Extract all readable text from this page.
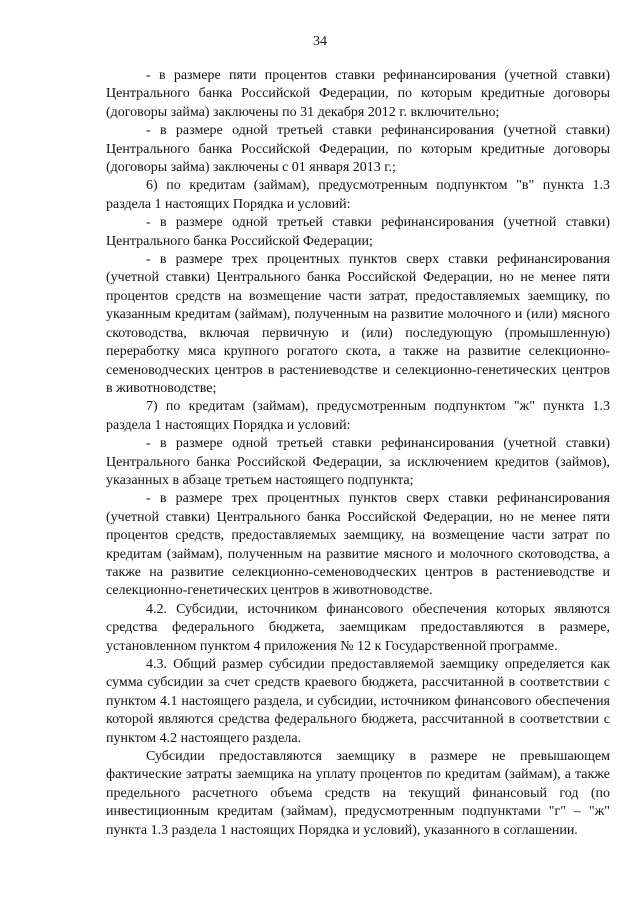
34

- в размере пяти процентов ставки рефинансирования (учетной ставки) Центрального банка Российской Федерации, по которым кредитные договоры (договоры займа) заключены по 31 декабря 2012 г. включительно;

- в размере одной третьей ставки рефинансирования (учетной ставки) Центрального банка Российской Федерации, по которым кредитные договоры (договоры займа) заключены с 01 января 2013 г.;

6) по кредитам (займам), предусмотренным подпунктом "в" пункта 1.3 раздела 1 настоящих Порядка и условий:

- в размере одной третьей ставки рефинансирования (учетной ставки) Центрального банка Российской Федерации;

- в размере трех процентных пунктов сверх ставки рефинансирования (учетной ставки) Центрального банка Российской Федерации, но не менее пяти процентов средств на возмещение части затрат, предоставляемых заемщику, по указанным кредитам (займам), полученным на развитие молочного и (или) мясного скотоводства, включая первичную и (или) последующую (промышленную) переработку мяса крупного рогатого скота, а также на развитие селекционно-семеноводческих центров в растениеводстве и селекционно-генетических центров в животноводстве;

7) по кредитам (займам), предусмотренным подпунктом "ж" пункта 1.3 раздела 1 настоящих Порядка и условий:

- в размере одной третьей ставки рефинансирования (учетной ставки) Центрального банка Российской Федерации, за исключением кредитов (займов), указанных в абзаце третьем настоящего подпункта;

- в размере трех процентных пунктов сверх ставки рефинансирования (учетной ставки) Центрального банка Российской Федерации, но не менее пяти процентов средств, предоставляемых заемщику, на возмещение части затрат по кредитам (займам), полученным на развитие мясного и молочного скотоводства, а также на развитие селекционно-семеноводческих центров в растениеводстве и селекционно-генетических центров в животноводстве.

4.2. Субсидии, источником финансового обеспечения которых являются средства федерального бюджета, заемщикам предоставляются в размере, установленном пунктом 4 приложения № 12 к Государственной программе.

4.3. Общий размер субсидии предоставляемой заемщику определяется как сумма субсидии за счет средств краевого бюджета, рассчитанной в соответствии с пунктом 4.1 настоящего раздела, и субсидии, источником финансового обеспечения которой являются средства федерального бюджета, рассчитанной в соответствии с пунктом 4.2 настоящего раздела.

Субсидии предоставляются заемщику в размере не превышающем фактические затраты заемщика на уплату процентов по кредитам (займам), а также предельного расчетного объема средств на текущий финансовый год (по инвестиционным кредитам (займам), предусмотренным подпунктами "г" – "ж" пункта 1.3 раздела 1 настоящих Порядка и условий), указанного в соглашении.
